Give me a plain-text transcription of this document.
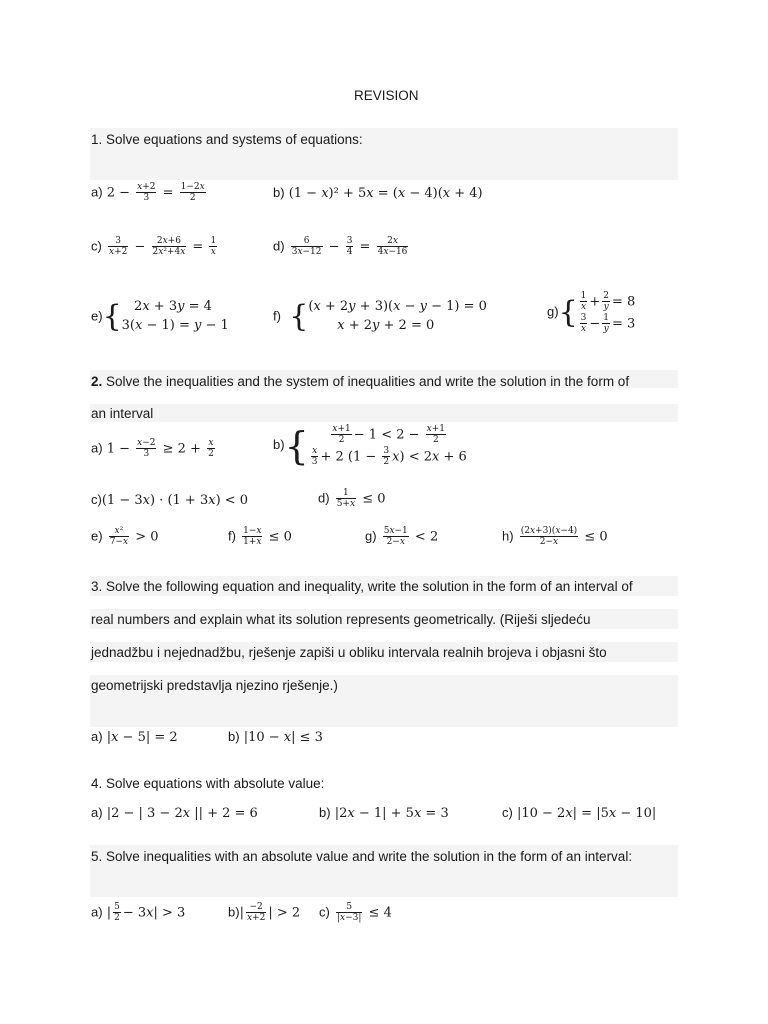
REVISION
1. Solve equations and systems of equations:
a) $2 - \frac{x+2}{3} = \frac{1-2x}{2}$	b) (1 − x)² + 5x = (x − 4)(x + 4)
$c) \frac{3}{x+2} - \frac{2x+6}{\text{2x²+4x}} = \frac{1}{x}$	$d) \frac{6}{3x-12} - \frac{3}{4} = \frac{2x}{4x-16}$
e){ 2x + 3y = 4
3(x − 1) = y − 1
f) { (x + 2y + 3)(x − y − 1) = 0
x + 2y + 2 = 0
$g)\{ \frac{1}{x} + \frac{2}{y} = 8$
$\frac{3}{x} - \frac{1}{y} = 3$
2. Solve the inequalities and the system of inequalities and write the solution in the form of
an interval
a) $1 - \frac{x-2}{3} \ge 2 + \frac{x}{2}$	b){
	$\frac{x+1}{2} - 1 < 2 - \frac{x+1}{2}$
$\frac{x}{3} + 2$ $(1 - \frac{3}{2} x) < 2x + 6$
c)(1 − 3x) · (1 + 3x) < 0	$d) \frac{1}{5+x} \le 0$
$e) \frac{\text{x²}}{7-x} > 0$	$f) \frac{1-x}{1+x} \le 0$	$g) \frac{5x-1}{2-x} < 2$	$h) \frac{(2x+3)(x-4)}{2-x} \le 0$
3. Solve the following equation and inequality, write the solution in the form of an interval of
real numbers and explain what its solution represents geometrically. (Riješi sljedeću
jednadžbu i nejednadžbu, rješenje zapiši u obliku intervala realnih brojeva i objasni što
geometrijski predstavlja njezino rješenje.)
a) |x − 5| = 2	b) |10 − x| ≤ 3
4. Solve equations with absolute value:
a) |2 − | 3 − 2x || + 2 = 6	b) |2x − 1| + 5x = 3	c) |10 − 2x| = |5x − 10|
5. Solve inequalities with an absolute value and write the solution in the form of an interval:
a) | $\frac{5}{2} - 3x| > 3$	$b)| \frac{-2}{x+2}$ | > 2 $c) \frac{5}{|x-3|} \le 4$
